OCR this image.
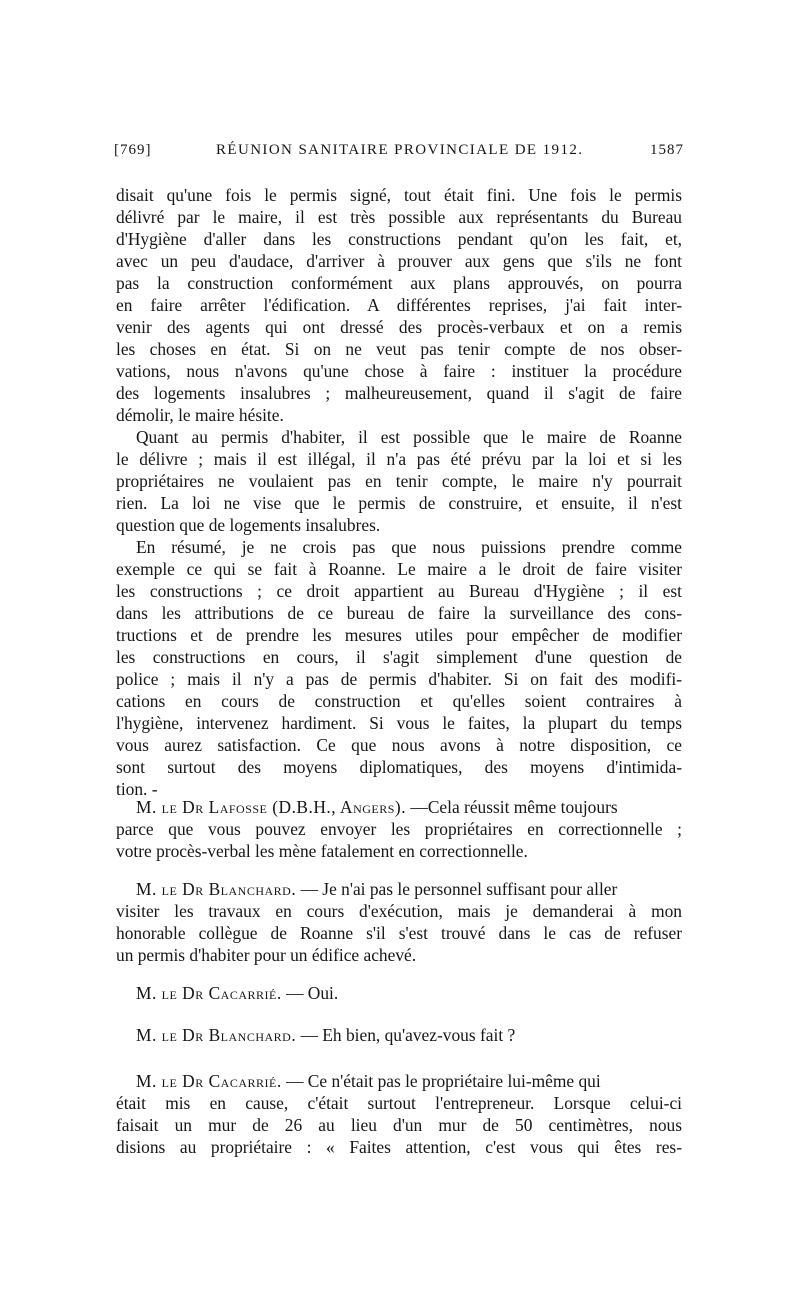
[769]	RÉUNION SANITAIRE PROVINCIALE DE 1912.	1587
disait qu'une fois le permis signé, tout était fini. Une fois le permis
délivré par le maire, il est très possible aux représentants du Bureau
d'Hygiène d'aller dans les constructions pendant qu'on les fait, et,
avec un peu d'audace, d'arriver à prouver aux gens que s'ils ne font
pas la construction conformément aux plans approuvés, on pourra
en faire arrêter l'édification. A différentes reprises, j'ai fait inter-
venir des agents qui ont dressé des procès-verbaux et on a remis
les choses en état. Si on ne veut pas tenir compte de nos obser-
vations, nous n'avons qu'une chose à faire : instituer la procédure
des logements insalubres ; malheureusement, quand il s'agit de faire
démolir, le maire hésite.
Quant au permis d'habiter, il est possible que le maire de Roanne
le délivre ; mais il est illégal, il n'a pas été prévu par la loi et si les
propriétaires ne voulaient pas en tenir compte, le maire n'y pourrait
rien. La loi ne vise que le permis de construire, et ensuite, il n'est
question que de logements insalubres.
En résumé, je ne crois pas que nous puissions prendre comme
exemple ce qui se fait à Roanne. Le maire a le droit de faire visiter
les constructions ; ce droit appartient au Bureau d'Hygiène ; il est
dans les attributions de ce bureau de faire la surveillance des cons-
tructions et de prendre les mesures utiles pour empêcher de modifier
les constructions en cours, il s'agit simplement d'une question de
police ; mais il n'y a pas de permis d'habiter. Si on fait des modifi-
cations en cours de construction et qu'elles soient contraires à
l'hygiène, intervenez hardiment. Si vous le faites, la plupart du temps
vous aurez satisfaction. Ce que nous avons à notre disposition, ce
sont surtout des moyens diplomatiques, des moyens d'intimida-
tion. -
M. le Dr Lafosse (D.B.H., Angers). —Cela réussit même toujours
parce que vous pouvez envoyer les propriétaires en correctionnelle ;
votre procès-verbal les mène fatalement en correctionnelle.
M. le Dr Blanchard. — Je n'ai pas le personnel suffisant pour aller
visiter les travaux en cours d'exécution, mais je demanderai à mon
honorable collègue de Roanne s'il s'est trouvé dans le cas de refuser
un permis d'habiter pour un édifice achevé.
M. le Dr Cacarrié. — Oui.
M. le Dr Blanchard. — Eh bien, qu'avez-vous fait ?
M. le Dr Cacarrié. — Ce n'était pas le propriétaire lui-même qui
était mis en cause, c'était surtout l'entrepreneur. Lorsque celui-ci
faisait un mur de 26 au lieu d'un mur de 50 centimètres, nous
disions au propriétaire : « Faites attention, c'est vous qui êtes res-
